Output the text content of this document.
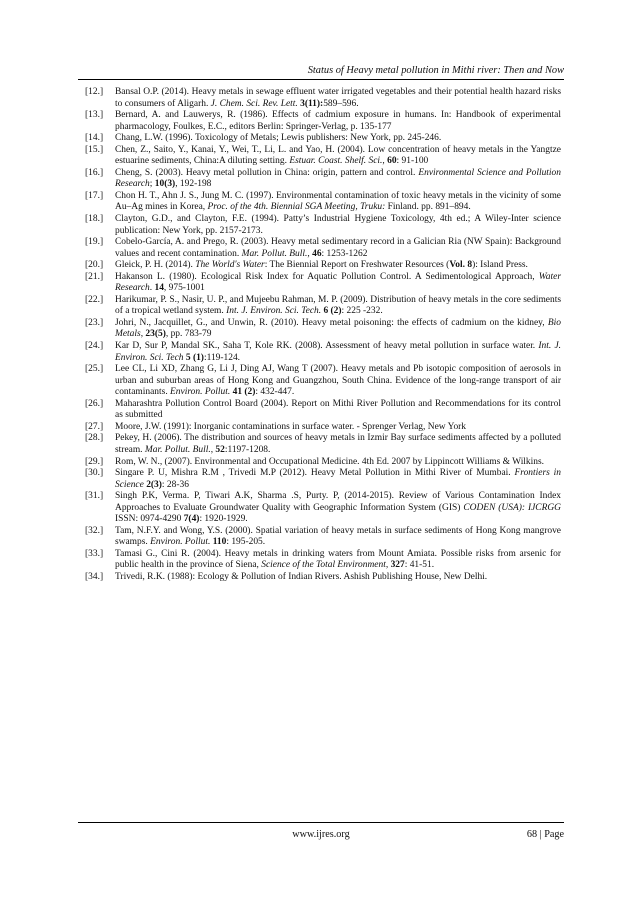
Status of Heavy metal pollution in Mithi river: Then and Now
[12.]	Bansal O.P. (2014). Heavy metals in sewage effluent water irrigated vegetables and their potential health hazard risks to consumers of Aligarh. J. Chem. Sci. Rev. Lett. 3(11):589–596.
[13.]	Bernard, A. and Lauwerys, R. (1986). Effects of cadmium exposure in humans. In: Handbook of experimental pharmacology, Foulkes, E.C., editors Berlin: Springer-Verlag, p. 135-177
[14.]	Chang, L.W. (1996). Toxicology of Metals; Lewis publishers: New York, pp. 245-246.
[15.]	Chen, Z., Saito, Y., Kanai, Y., Wei, T., Li, L. and Yao, H. (2004). Low concentration of heavy metals in the Yangtze estuarine sediments, China:A diluting setting. Estuar. Coast. Shelf. Sci., 60: 91-100
[16.]	Cheng, S. (2003). Heavy metal pollution in China: origin, pattern and control. Environmental Science and Pollution Research; 10(3), 192-198
[17.]	Chon H. T., Ahn J. S., Jung M. C. (1997). Environmental contamination of toxic heavy metals in the vicinity of some Au–Ag mines in Korea, Proc. of the 4th. Biennial SGA Meeting, Truku: Finland. pp. 891–894.
[18.]	Clayton, G.D., and Clayton, F.E. (1994). Patty’s Industrial Hygiene Toxicology, 4th ed.; A Wiley-Inter science publication: New York, pp. 2157-2173.
[19.]	Cobelo-García, A. and Prego, R. (2003). Heavy metal sedimentary record in a Galician Ria (NW Spain): Background values and recent contamination. Mar. Pollut. Bull., 46: 1253-1262
[20.]	Gleick, P. H. (2014). The World's Water: The Biennial Report on Freshwater Resources (Vol. 8): Island Press.
[21.]	Hakanson L. (1980). Ecological Risk Index for Aquatic Pollution Control. A Sedimentological Approach, Water Research. 14, 975-1001
[22.]	Harikumar, P. S., Nasir, U. P., and Mujeebu Rahman, M. P. (2009). Distribution of heavy metals in the core sediments of a tropical wetland system. Int. J. Environ. Sci. Tech. 6 (2): 225 -232.
[23.]	Johri, N., Jacquillet, G., and Unwin, R. (2010). Heavy metal poisoning: the effects of cadmium on the kidney, Bio Metals, 23(5), pp. 783-79
[24.]	Kar D, Sur P, Mandal SK., Saha T, Kole RK. (2008). Assessment of heavy metal pollution in surface water. Int. J. Environ. Sci. Tech 5 (1):119-124.
[25.]	Lee CL, Li XD, Zhang G, Li J, Ding AJ, Wang T (2007). Heavy metals and Pb isotopic composition of aerosols in urban and suburban areas of Hong Kong and Guangzhou, South China. Evidence of the long-range transport of air contaminants. Environ. Pollut. 41 (2): 432-447.
[26.]	Maharashtra Pollution Control Board (2004). Report on Mithi River Pollution and Recommendations for its control as submitted
[27.]	Moore, J.W. (1991): Inorganic contaminations in surface water. - Sprenger Verlag, New York
[28.]	Pekey, H. (2006). The distribution and sources of heavy metals in Izmir Bay surface sediments affected by a polluted stream. Mar. Pollut. Bull., 52:1197-1208.
[29.]	Rom, W. N., (2007). Environmental and Occupational Medicine. 4th Ed. 2007 by Lippincott Williams & Wilkins.
[30.]	Singare P. U, Mishra R.M , Trivedi M.P (2012). Heavy Metal Pollution in Mithi River of Mumbai. Frontiers in Science 2(3): 28-36
[31.]	Singh P.K, Verma. P, Tiwari A.K, Sharma .S, Purty. P, (2014-2015). Review of Various Contamination Index Approaches to Evaluate Groundwater Quality with Geographic Information System (GIS) CODEN (USA): IJCRGG ISSN: 0974-4290 7(4): 1920-1929.
[32.]	Tam, N.F.Y. and Wong, Y.S. (2000). Spatial variation of heavy metals in surface sediments of Hong Kong mangrove swamps. Environ. Pollut. 110: 195-205.
[33.]	Tamasi G., Cini R. (2004). Heavy metals in drinking waters from Mount Amiata. Possible risks from arsenic for public health in the province of Siena, Science of the Total Environment, 327: 41-51.
[34.]	Trivedi, R.K. (1988): Ecology & Pollution of Indian Rivers. Ashish Publishing House, New Delhi.
www.ijres.org	68 | Page
